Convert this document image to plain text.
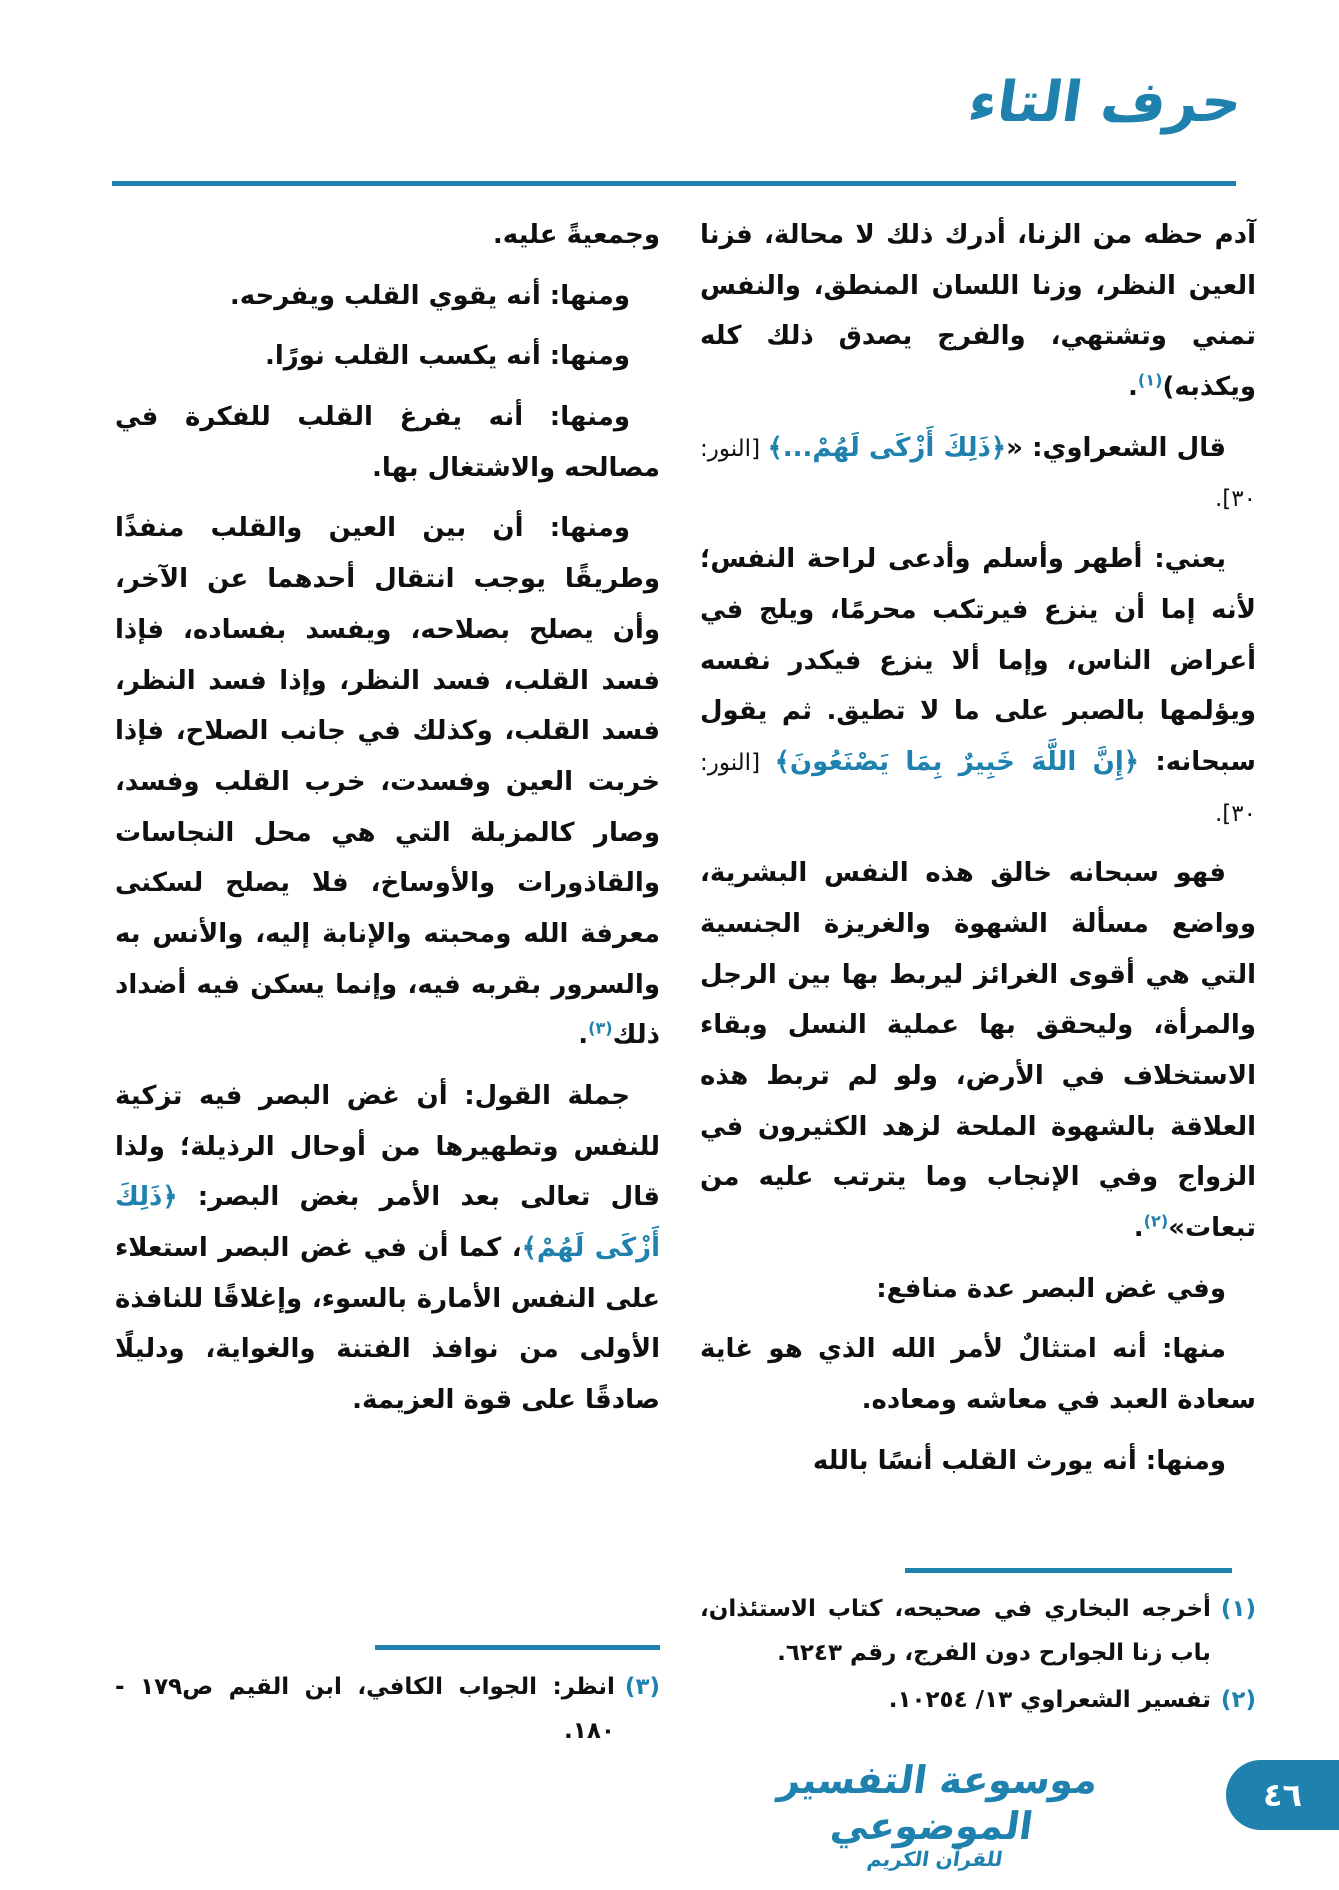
حرف التاء

آدم حظه من الزنا، أدرك ذلك لا محالة، فزنا العين النظر، وزنا اللسان المنطق، والنفس تمني وتشتهي، والفرج يصدق ذلك كله ويكذبه)$^{(١)}$.

قال الشعراوي: «﴿ذَلِكَ أَزْكَى لَهُمْ...﴾ [النور: ٣٠].

يعني: أطهر وأسلم وأدعى لراحة النفس؛ لأنه إما أن ينزع فيرتكب محرمًا، ويلج في أعراض الناس، وإما ألا ينزع فيكدر نفسه ويؤلمها بالصبر على ما لا تطيق. ثم يقول سبحانه: ﴿إِنَّ اللَّهَ خَبِيرٌ بِمَا يَصْنَعُونَ﴾ [النور: ٣٠].

فهو سبحانه خالق هذه النفس البشرية، وواضع مسألة الشهوة والغريزة الجنسية التي هي أقوى الغرائز ليربط بها بين الرجل والمرأة، وليحقق بها عملية النسل وبقاء الاستخلاف في الأرض، ولو لم تربط هذه العلاقة بالشهوة الملحة لزهد الكثيرون في الزواج وفي الإنجاب وما يترتب عليه من تبعات»$^{(٢)}$.

وفي غض البصر عدة منافع:

منها: أنه امتثالٌ لأمر الله الذي هو غاية سعادة العبد في معاشه ومعاده.

ومنها: أنه يورث القلب أنسًا بالله

وجمعيةً عليه.

ومنها: أنه يقوي القلب ويفرحه.

ومنها: أنه يكسب القلب نورًا.

ومنها: أنه يفرغ القلب للفكرة في مصالحه والاشتغال بها.

ومنها: أن بين العين والقلب منفذًا وطريقًا يوجب انتقال أحدهما عن الآخر، وأن يصلح بصلاحه، ويفسد بفساده، فإذا فسد القلب، فسد النظر، وإذا فسد النظر، فسد القلب، وكذلك في جانب الصلاح، فإذا خربت العين وفسدت، خرب القلب وفسد، وصار كالمزبلة التي هي محل النجاسات والقاذورات والأوساخ، فلا يصلح لسكنى معرفة الله ومحبته والإنابة إليه، والأنس به والسرور بقربه فيه، وإنما يسكن فيه أضداد ذلك$^{(٣)}$.

جملة القول: أن غض البصر فيه تزكية للنفس وتطهيرها من أوحال الرذيلة؛ ولذا قال تعالى بعد الأمر بغض البصر: ﴿ذَلِكَ أَزْكَى لَهُمْ﴾، كما أن في غض البصر استعلاء على النفس الأمارة بالسوء، وإغلاقًا للنافذة الأولى من نوافذ الفتنة والغواية، ودليلًا صادقًا على قوة العزيمة.

(١)
أخرجه البخاري في صحيحه، كتاب الاستئذان، باب زنا الجوارح دون الفرج، رقم ٦٢٤٣.
(٢)
تفسير الشعراوي ١٣/ ١٠٢٥٤.
(٣)
انظر: الجواب الكافي، ابن القيم ص١٧٩ - ١٨٠.
موسوعة التفسير الموضوعي
للقرآن الكريم
٤٦
